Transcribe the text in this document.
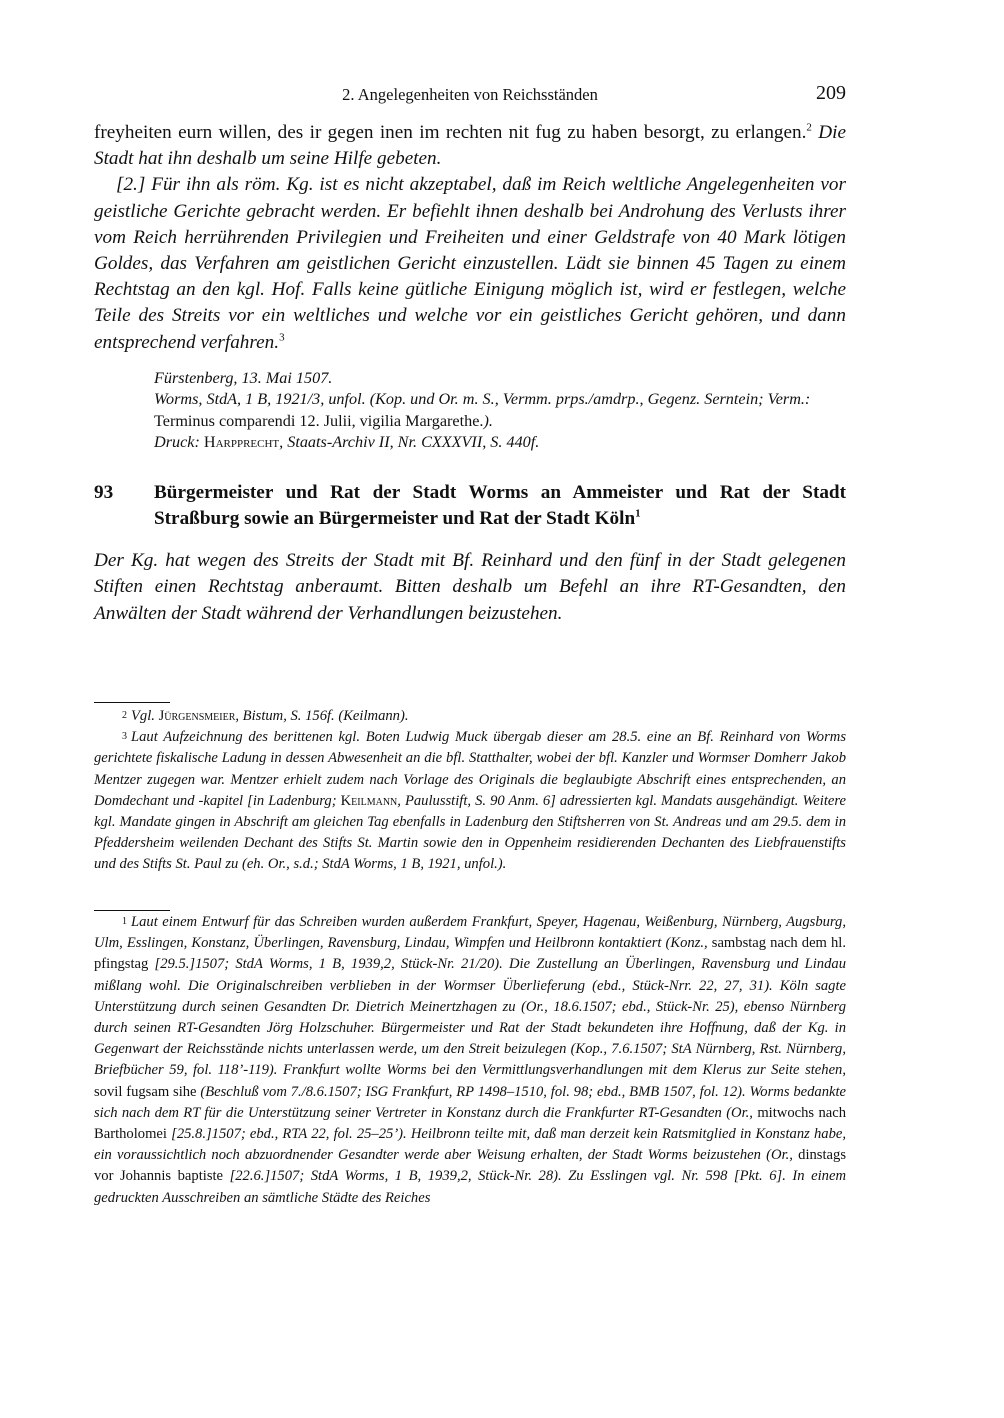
2. Angelegenheiten von Reichsständen	209

freyheiten eurn willen, des ir gegen inen im rechten nit fug zu haben besorgt, zu erlangen.$^2$ Die Stadt hat ihn deshalb um seine Hilfe gebeten.

[2.] Für ihn als röm. Kg. ist es nicht akzeptabel, daß im Reich weltliche Angelegenheiten vor geistliche Gerichte gebracht werden. Er befiehlt ihnen deshalb bei Androhung des Verlusts ihrer vom Reich herrührenden Privilegien und Freiheiten und einer Geldstrafe von 40 Mark lötigen Goldes, das Verfahren am geistlichen Gericht einzustellen. Lädt sie binnen 45 Tagen zu einem Rechtstag an den kgl. Hof. Falls keine gütliche Einigung möglich ist, wird er festlegen, welche Teile des Streits vor ein weltliches und welche vor ein geistliches Gericht gehören, und dann entsprechend verfahren.$^3$

Fürstenberg, 13. Mai 1507.
Worms, StdA, 1 B, 1921/3, unfol. (Kop. und Or. m. S., Vermm. prps./amdrp., Gegenz. Serntein; Verm.: Terminus comparendi 12. Julii, vigilia Margarethe.).
Druck: Harpprecht, Staats-Archiv II, Nr. CXXXVII, S. 440f.
93	Bürgermeister und Rat der Stadt Worms an Ammeister und Rat der Stadt Straßburg sowie an Bürgermeister und Rat der Stadt Köln$^1$

Der Kg. hat wegen des Streits der Stadt mit Bf. Reinhard und den fünf in der Stadt gelegenen Stiften einen Rechtstag anberaumt. Bitten deshalb um Befehl an ihre RT-Gesandten, den Anwälten der Stadt während der Verhandlungen beizustehen.

$^2$ Vgl. Jürgensmeier, Bistum, S. 156f. (Keilmann).

$^3$ Laut Aufzeichnung des berittenen kgl. Boten Ludwig Muck übergab dieser am 28.5. eine an Bf. Reinhard von Worms gerichtete fiskalische Ladung in dessen Abwesenheit an die bfl. Statthalter, wobei der bfl. Kanzler und Wormser Domherr Jakob Mentzer zugegen war. Mentzer erhielt zudem nach Vorlage des Originals die beglaubigte Abschrift eines entsprechenden, an Domdechant und -kapitel [in Ladenburg; Keilmann, Paulusstift, S. 90 Anm. 6] adressierten kgl. Mandats ausgehändigt. Weitere kgl. Mandate gingen in Abschrift am gleichen Tag ebenfalls in Ladenburg den Stiftsherren von St. Andreas und am 29.5. dem in Pfeddersheim weilenden Dechant des Stifts St. Martin sowie den in Oppenheim residierenden Dechanten des Liebfrauenstifts und des Stifts St. Paul zu (eh. Or., s.d.; StdA Worms, 1 B, 1921, unfol.).

$^1$ Laut einem Entwurf für das Schreiben wurden außerdem Frankfurt, Speyer, Hagenau, Weißenburg, Nürnberg, Augsburg, Ulm, Esslingen, Konstanz, Überlingen, Ravensburg, Lindau, Wimpfen und Heilbronn kontaktiert (Konz., sambstag nach dem hl. pfingstag [29.5.]1507; StdA Worms, 1 B, 1939,2, Stück-Nr. 21/20). Die Zustellung an Überlingen, Ravensburg und Lindau mißlang wohl. Die Originalschreiben verblieben in der Wormser Überlieferung (ebd., Stück-Nrr. 22, 27, 31). Köln sagte Unterstützung durch seinen Gesandten Dr. Dietrich Meinertzhagen zu (Or., 18.6.1507; ebd., Stück-Nr. 25), ebenso Nürnberg durch seinen RT-Gesandten Jörg Holzschuher. Bürgermeister und Rat der Stadt bekundeten ihre Hoffnung, daß der Kg. in Gegenwart der Reichsstände nichts unterlassen werde, um den Streit beizulegen (Kop., 7.6.1507; StA Nürnberg, Rst. Nürnberg, Briefbücher 59, fol. 118’-119). Frankfurt wollte Worms bei den Vermittlungsverhandlungen mit dem Klerus zur Seite stehen, sovil fugsam sihe (Beschluß vom 7./8.6.1507; ISG Frankfurt, RP 1498–1510, fol. 98; ebd., BMB 1507, fol. 12). Worms bedankte sich nach dem RT für die Unterstützung seiner Vertreter in Konstanz durch die Frankfurter RT-Gesandten (Or., mitwochs nach Bartholomei [25.8.]1507; ebd., RTA 22, fol. 25–25’). Heilbronn teilte mit, daß man derzeit kein Ratsmitglied in Konstanz habe, ein voraussichtlich noch abzuordnender Gesandter werde aber Weisung erhalten, der Stadt Worms beizustehen (Or., dinstags vor Johannis baptiste [22.6.]1507; StdA Worms, 1 B, 1939,2, Stück-Nr. 28). Zu Esslingen vgl. Nr. 598 [Pkt. 6]. In einem gedruckten Ausschreiben an sämtliche Städte des Reiches
